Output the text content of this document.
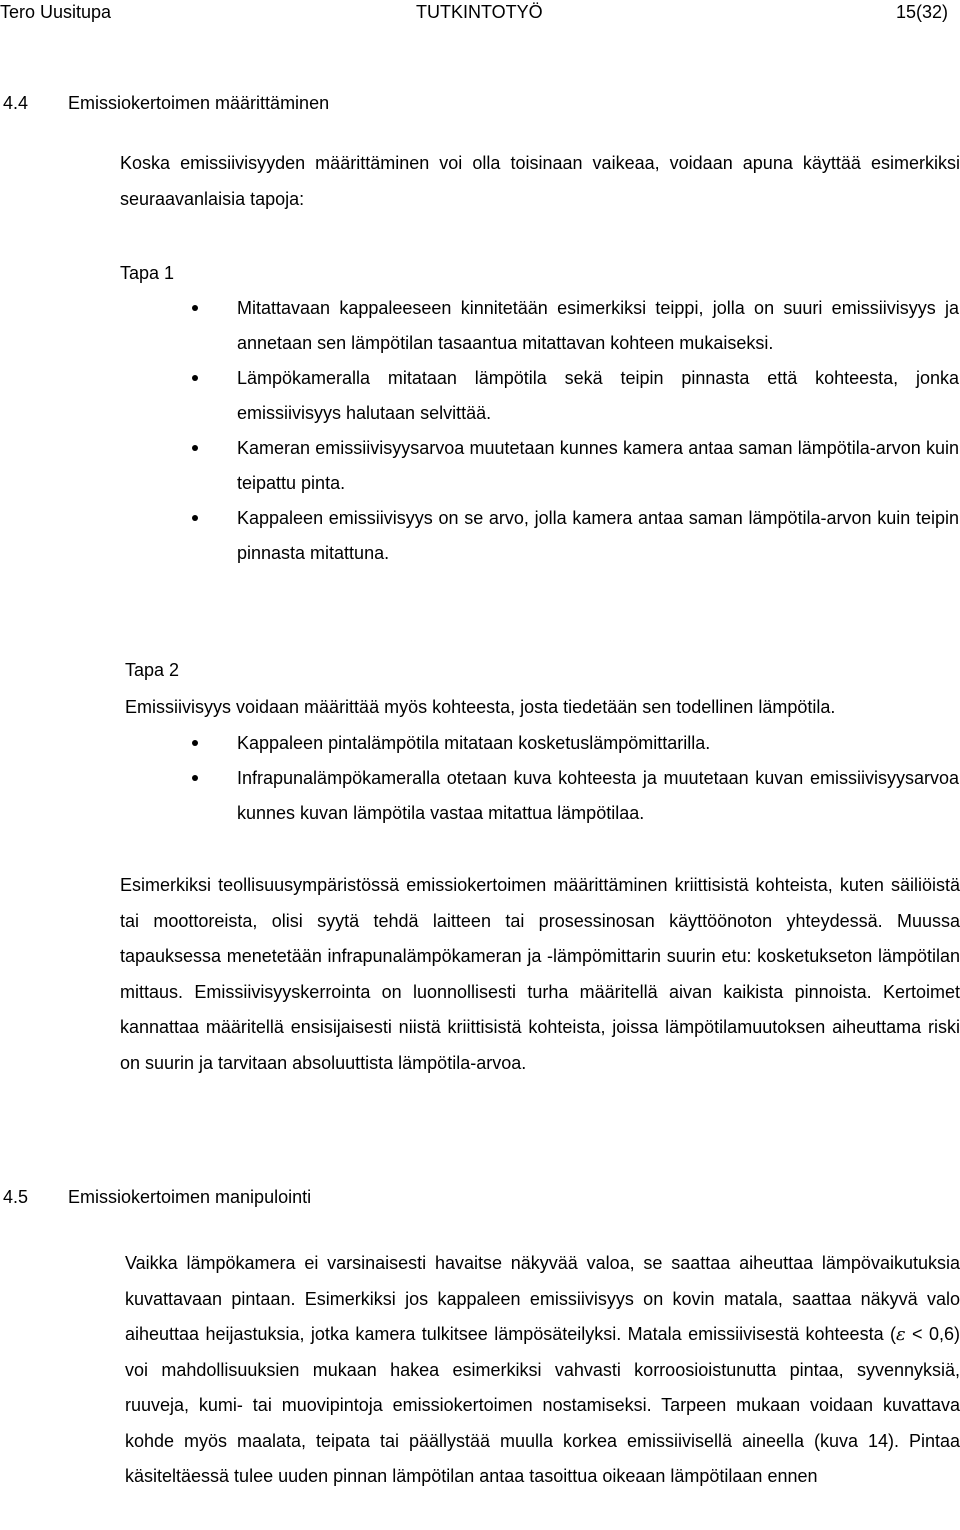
Tero Uusitupa	TUTKINTOTYÖ	15(32)
4.4 Emissiokertoimen määrittäminen
Koska emissiivisyyden määrittäminen voi olla toisinaan vaikeaa, voidaan apuna käyttää esimerkiksi seuraavanlaisia tapoja:
Tapa 1
Mitattavaan kappaleeseen kinnitetään esimerkiksi teippi, jolla on suuri emissiivisyys ja annetaan sen lämpötilan tasaantua mitattavan kohteen mukaiseksi.
Lämpökameralla mitataan lämpötila sekä teipin pinnasta että kohteesta, jonka emissiivisyys halutaan selvittää.
Kameran emissiivisyysarvoa muutetaan kunnes kamera antaa saman lämpötila-arvon kuin teipattu pinta.
Kappaleen emissiivisyys on se arvo, jolla kamera antaa saman lämpötila-arvon kuin teipin pinnasta mitattuna.
Tapa 2
Emissiivisyys voidaan määrittää myös kohteesta, josta tiedetään sen todellinen lämpötila.
Kappaleen pintalämpötila mitataan kosketuslämpömittarilla.
Infrapunalämpökameralla otetaan kuva kohteesta ja muutetaan kuvan emissiivisyysarvoa kunnes kuvan lämpötila vastaa mitattua lämpötilaa.
Esimerkiksi teollisuusympäristössä emissiokertoimen määrittäminen kriittisistä kohteista, kuten säiliöistä tai moottoreista, olisi syytä tehdä laitteen tai prosessinosan käyttöönoton yhteydessä. Muussa tapauksessa menetetään infrapunalämpökameran ja -lämpömittarin suurin etu: kosketukseton lämpötilan mittaus. Emissiivisyyskerrointa on luonnollisesti turha määritellä aivan kaikista pinnoista. Kertoimet kannattaa määritellä ensisijaisesti niistä kriittisistä kohteista, joissa lämpötilamuutoksen aiheuttama riski on suurin ja tarvitaan absoluuttista lämpötila-arvoa.
4.5 Emissiokertoimen manipulointi
Vaikka lämpökamera ei varsinaisesti havaitse näkyvää valoa, se saattaa aiheuttaa lämpövaikutuksia kuvattavaan pintaan. Esimerkiksi jos kappaleen emissiivisyys on kovin matala, saattaa näkyvä valo aiheuttaa heijastuksia, jotka kamera tulkitsee lämpösäteilyksi. Matala emissiivisestä kohteesta (ε < 0,6) voi mahdollisuuksien mukaan hakea esimerkiksi vahvasti korroosioistunutta pintaa, syvennyksiä, ruuveja, kumi- tai muovipintoja emissiokertoimen nostamiseksi. Tarpeen mukaan voidaan kuvattava kohde myös maalata, teipata tai päällystää muulla korkea emissiivisellä aineella (kuva 14). Pintaa käsiteltäessä tulee uuden pinnan lämpötilan antaa tasoittua oikeaan lämpötilaan ennen
